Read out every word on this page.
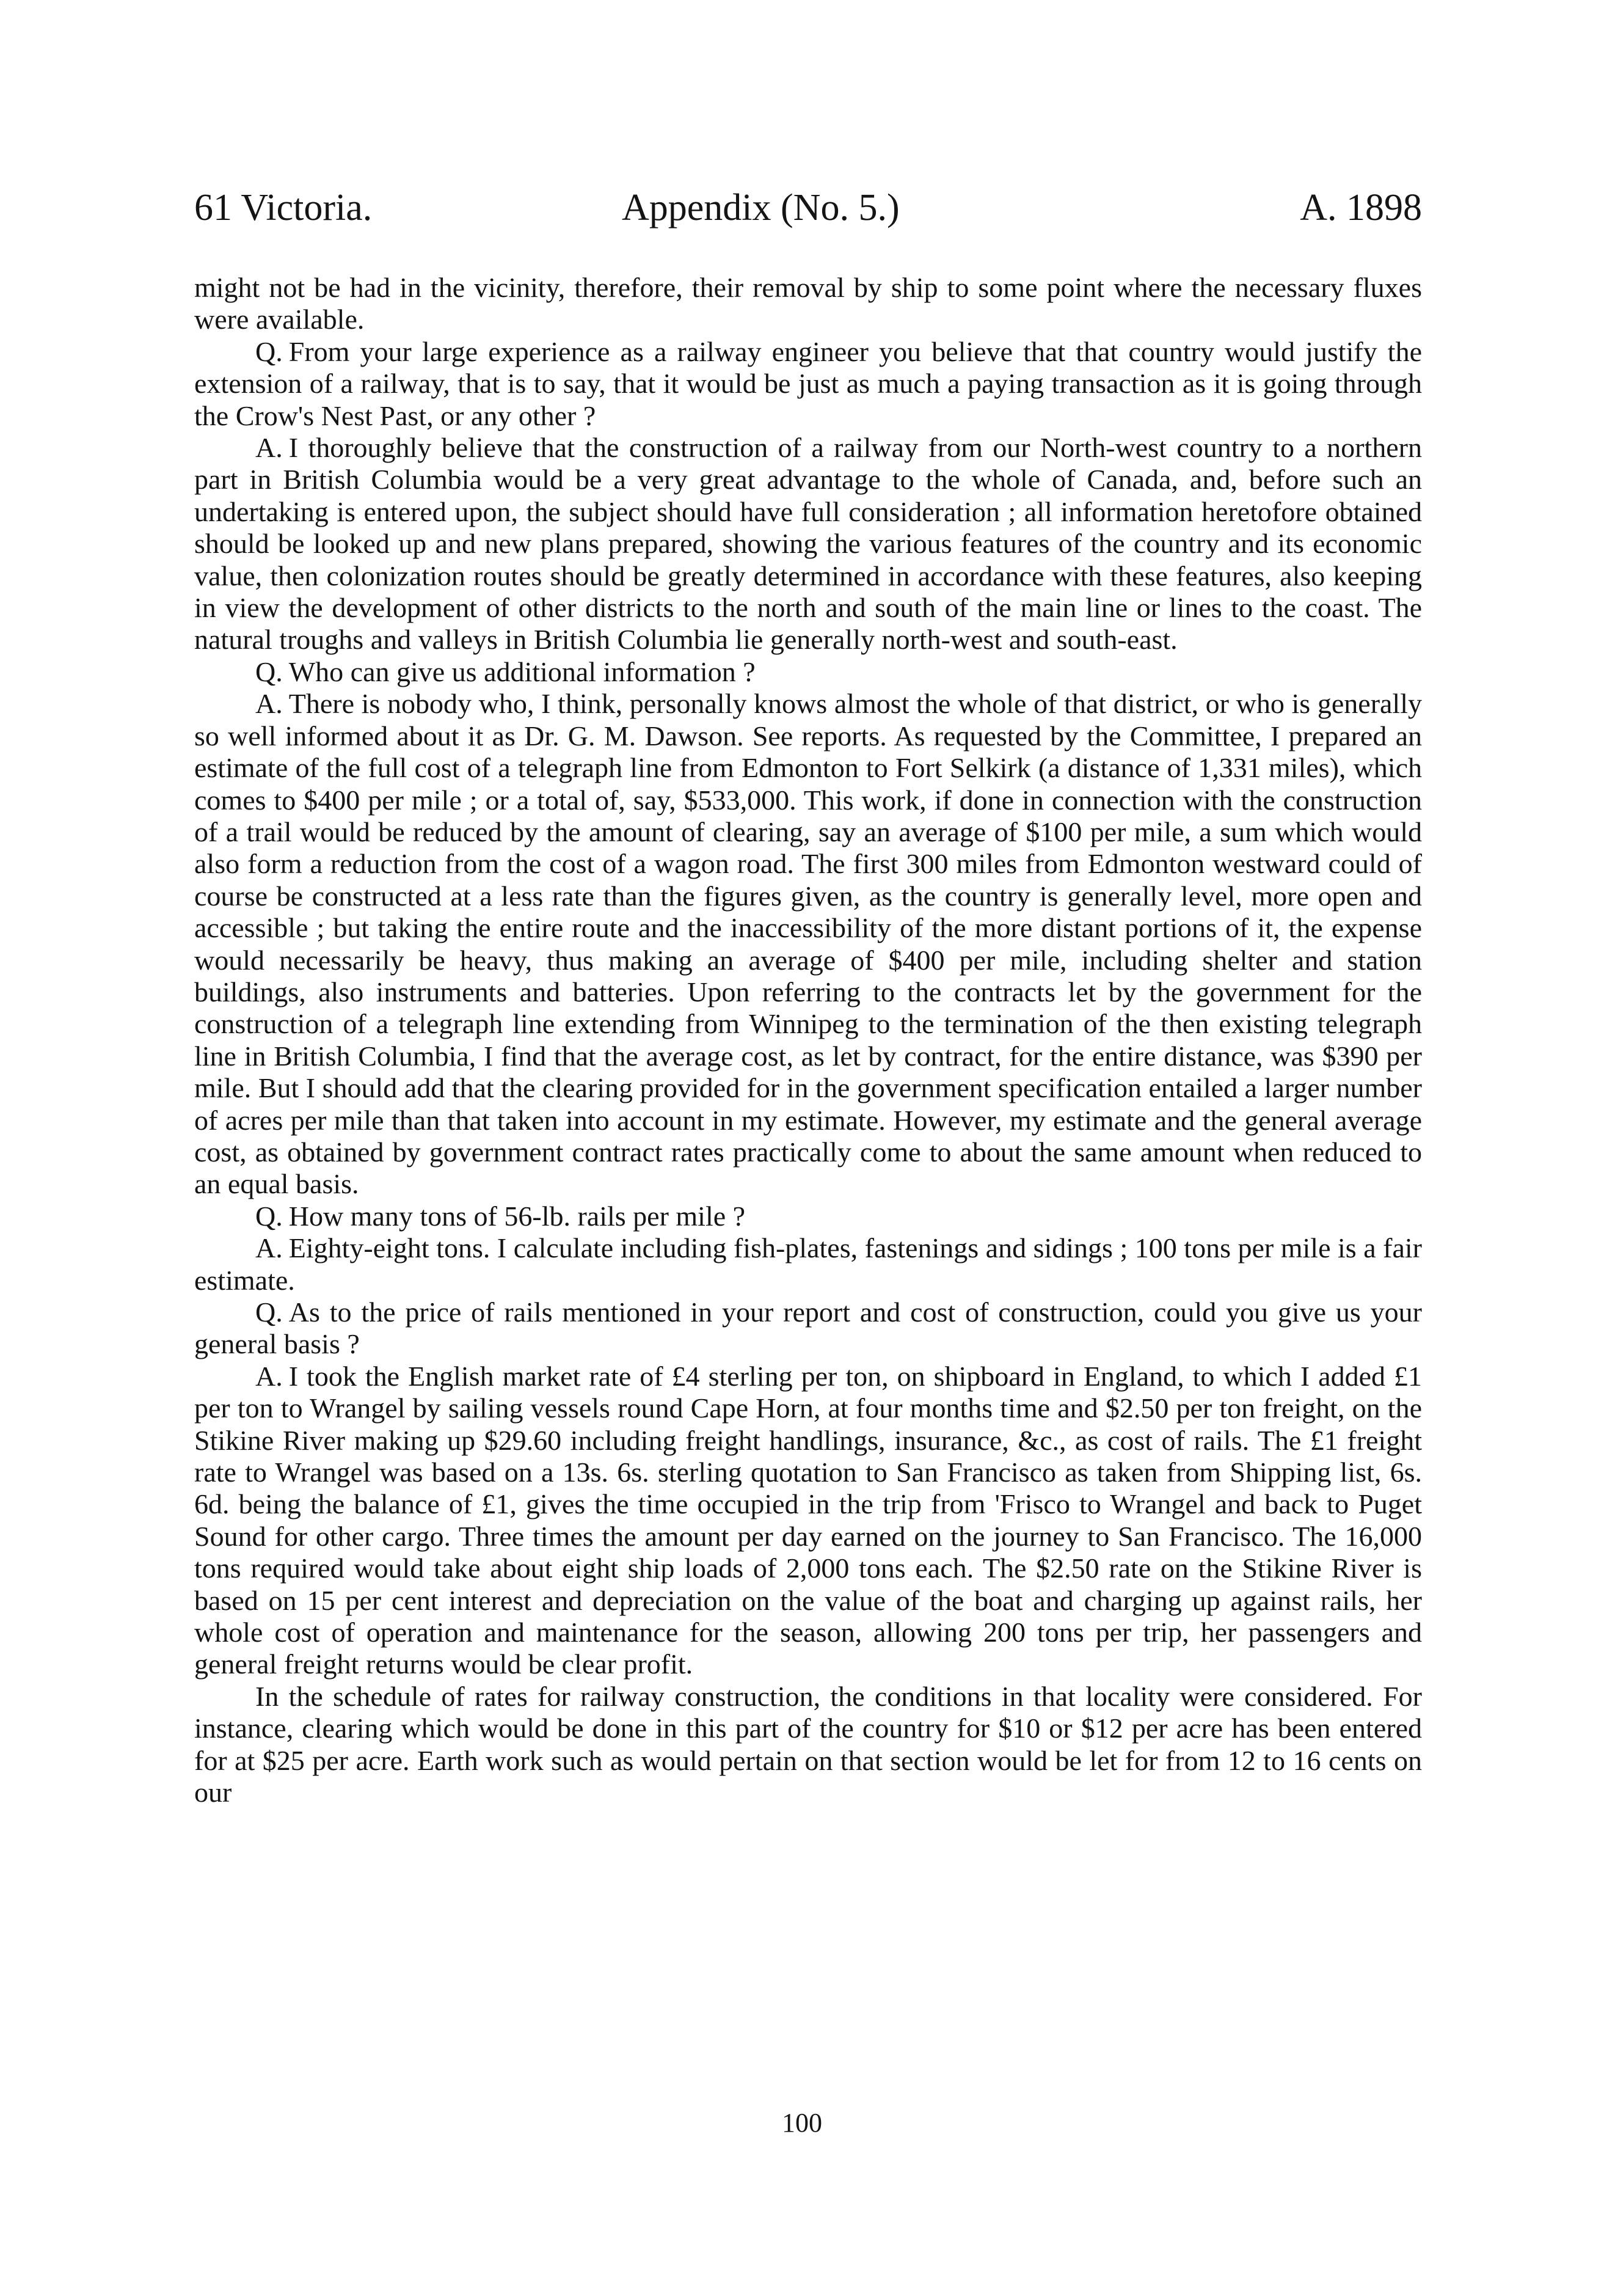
61 Victoria.	Appendix (No. 5.)	A. 1898

might not be had in the vicinity, therefore, their removal by ship to some point where the necessary fluxes were available.

Q. From your large experience as a railway engineer you believe that that country would justify the extension of a railway, that is to say, that it would be just as much a paying transaction as it is going through the Crow's Nest Past, or any other ?

A. I thoroughly believe that the construction of a railway from our North-west country to a northern part in British Columbia would be a very great advantage to the whole of Canada, and, before such an undertaking is entered upon, the subject should have full consideration ; all information heretofore obtained should be looked up and new plans prepared, showing the various features of the country and its economic value, then colonization routes should be greatly determined in accordance with these features, also keeping in view the development of other districts to the north and south of the main line or lines to the coast. The natural troughs and valleys in British Columbia lie generally north-west and south-east.

Q. Who can give us additional information ?

A. There is nobody who, I think, personally knows almost the whole of that district, or who is generally so well informed about it as Dr. G. M. Dawson. See reports. As requested by the Committee, I prepared an estimate of the full cost of a telegraph line from Edmonton to Fort Selkirk (a distance of 1,331 miles), which comes to $400 per mile ; or a total of, say, $533,000. This work, if done in connection with the construction of a trail would be reduced by the amount of clearing, say an average of $100 per mile, a sum which would also form a reduction from the cost of a wagon road. The first 300 miles from Edmonton westward could of course be constructed at a less rate than the figures given, as the country is generally level, more open and accessible ; but taking the entire route and the inaccessibility of the more distant portions of it, the expense would necessarily be heavy, thus making an average of $400 per mile, including shelter and station buildings, also instruments and batteries. Upon referring to the contracts let by the government for the construction of a telegraph line extending from Winnipeg to the termination of the then existing telegraph line in British Columbia, I find that the average cost, as let by contract, for the entire distance, was $390 per mile. But I should add that the clearing provided for in the government specification entailed a larger number of acres per mile than that taken into account in my estimate. However, my estimate and the general average cost, as obtained by government contract rates practically come to about the same amount when reduced to an equal basis.

Q. How many tons of 56-lb. rails per mile ?

A. Eighty-eight tons. I calculate including fish-plates, fastenings and sidings ; 100 tons per mile is a fair estimate.

Q. As to the price of rails mentioned in your report and cost of construction, could you give us your general basis ?

A. I took the English market rate of £4 sterling per ton, on shipboard in England, to which I added £1 per ton to Wrangel by sailing vessels round Cape Horn, at four months time and $2.50 per ton freight, on the Stikine River making up $29.60 including freight handlings, insurance, &c., as cost of rails. The £1 freight rate to Wrangel was based on a 13s. 6s. sterling quotation to San Francisco as taken from Shipping list, 6s. 6d. being the balance of £1, gives the time occupied in the trip from 'Frisco to Wrangel and back to Puget Sound for other cargo. Three times the amount per day earned on the journey to San Francisco. The 16,000 tons required would take about eight ship loads of 2,000 tons each. The $2.50 rate on the Stikine River is based on 15 per cent interest and depreciation on the value of the boat and charging up against rails, her whole cost of operation and maintenance for the season, allowing 200 tons per trip, her passengers and general freight returns would be clear profit.

In the schedule of rates for railway construction, the conditions in that locality were considered. For instance, clearing which would be done in this part of the country for $10 or $12 per acre has been entered for at $25 per acre. Earth work such as would pertain on that section would be let for from 12 to 16 cents on our

100
